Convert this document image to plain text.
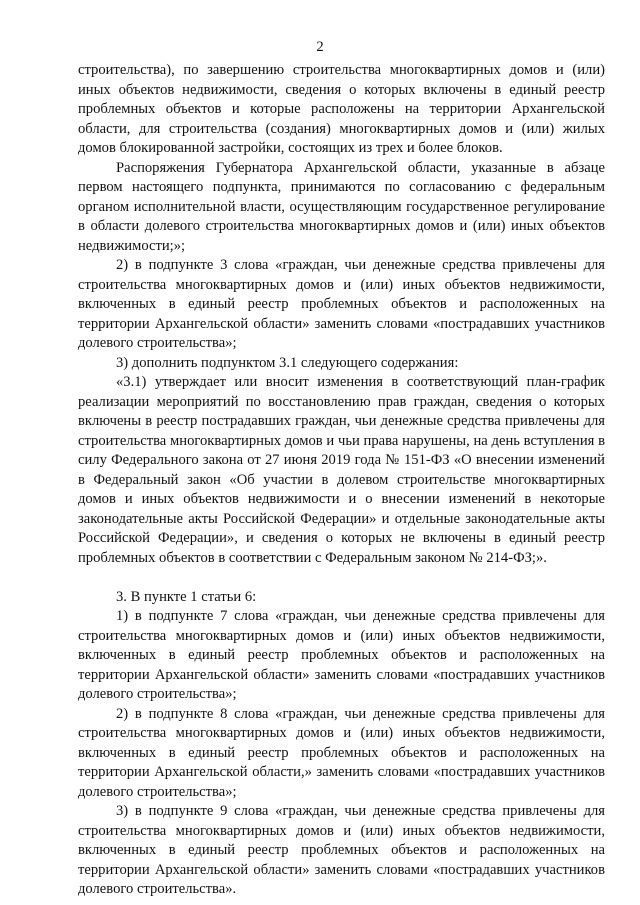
2

строительства), по завершению строительства многоквартирных домов и (или) иных объектов недвижимости, сведения о которых включены в единый реестр проблемных объектов и которые расположены на территории Архангельской области, для строительства (создания) многоквартирных домов и (или) жилых домов блокированной застройки, состоящих из трех и более блоков.

Распоряжения Губернатора Архангельской области, указанные в абзаце первом настоящего подпункта, принимаются по согласованию с федеральным органом исполнительной власти, осуществляющим государственное регулирование в области долевого строительства многоквартирных домов и (или) иных объектов недвижимости;»;

2) в подпункте 3 слова «граждан, чьи денежные средства привлечены для строительства многоквартирных домов и (или) иных объектов недвижимости, включенных в единый реестр проблемных объектов и расположенных на территории Архангельской области» заменить словами «пострадавших участников долевого строительства»;

3) дополнить подпунктом 3.1 следующего содержания:

«3.1) утверждает или вносит изменения в соответствующий план-график реализации мероприятий по восстановлению прав граждан, сведения о которых включены в реестр пострадавших граждан, чьи денежные средства привлечены для строительства многоквартирных домов и чьи права нарушены, на день вступления в силу Федерального закона от 27 июня 2019 года № 151-ФЗ «О внесении изменений в Федеральный закон «Об участии в долевом строительстве многоквартирных домов и иных объектов недвижимости и о внесении изменений в некоторые законодательные акты Российской Федерации» и отдельные законодательные акты Российской Федерации», и сведения о которых не включены в единый реестр проблемных объектов в соответствии с Федеральным законом № 214-ФЗ;».

3. В пункте 1 статьи 6:

1) в подпункте 7 слова «граждан, чьи денежные средства привлечены для строительства многоквартирных домов и (или) иных объектов недвижимости, включенных в единый реестр проблемных объектов и расположенных на территории Архангельской области» заменить словами «пострадавших участников долевого строительства»;

2) в подпункте 8 слова «граждан, чьи денежные средства привлечены для строительства многоквартирных домов и (или) иных объектов недвижимости, включенных в единый реестр проблемных объектов и расположенных на территории Архангельской области,» заменить словами «пострадавших участников долевого строительства»;

3) в подпункте 9 слова «граждан, чьи денежные средства привлечены для строительства многоквартирных домов и (или) иных объектов недвижимости, включенных в единый реестр проблемных объектов и расположенных на территории Архангельской области» заменить словами «пострадавших участников долевого строительства».
